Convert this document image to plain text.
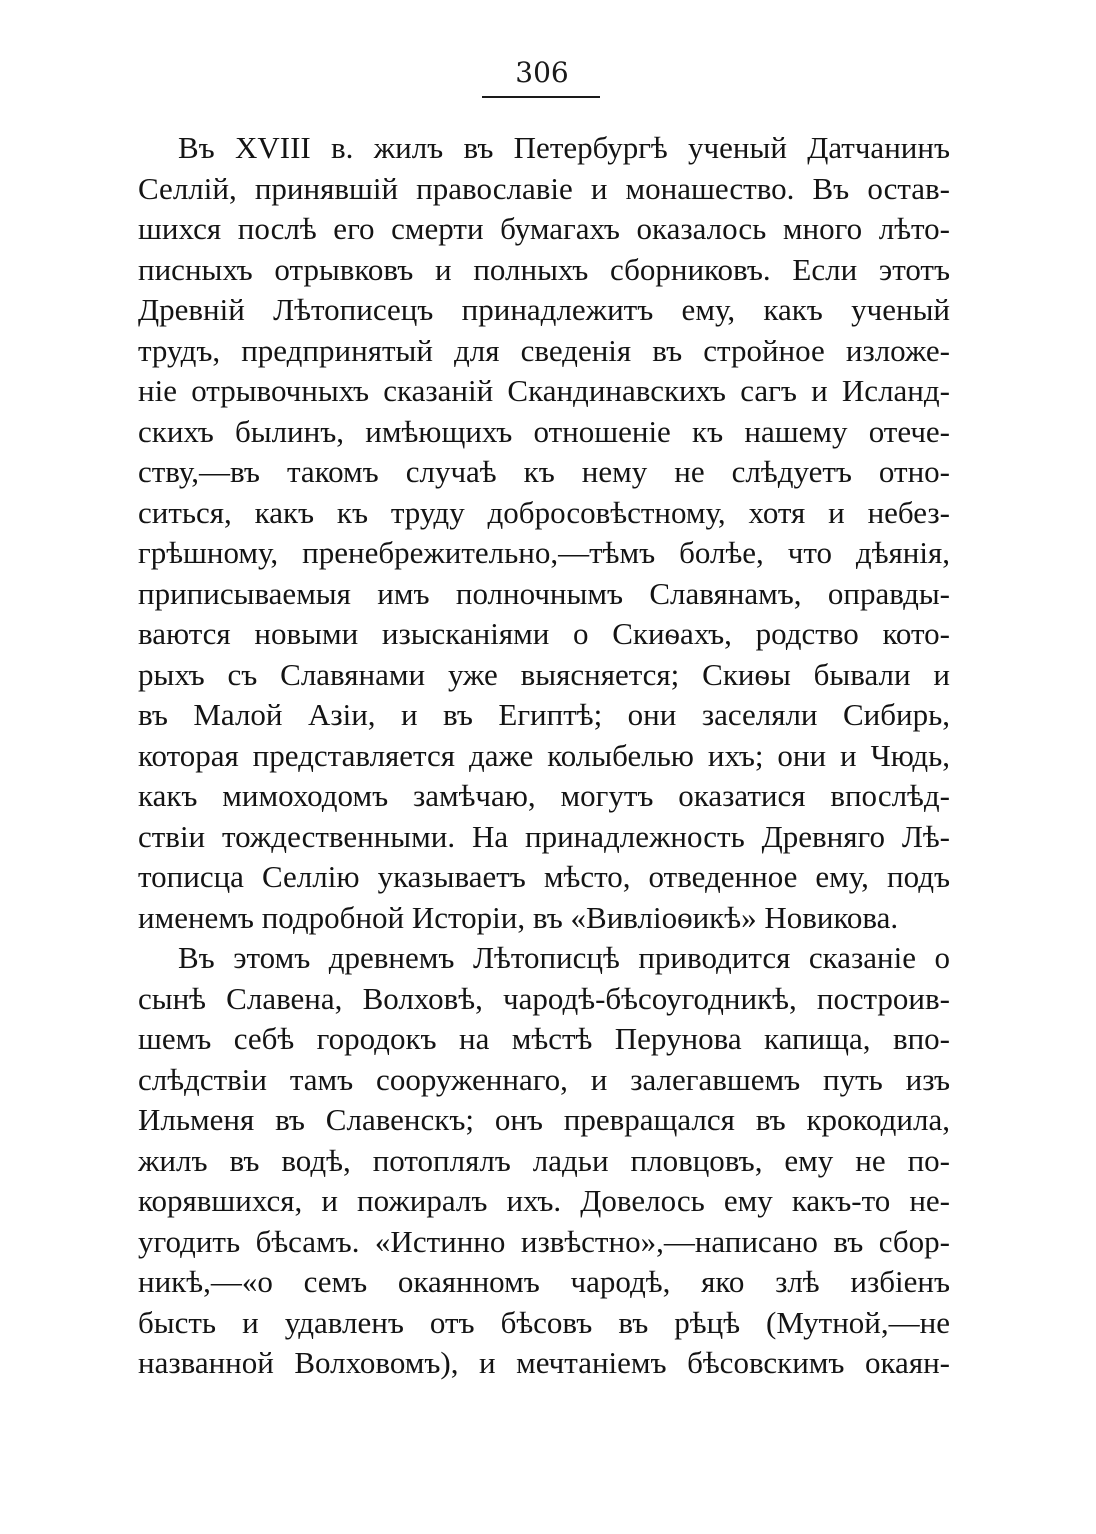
306
Въ XVIII в. жилъ въ Петербургѣ ученый Датчанинъ
Селлій, принявшій православіе и монашество. Въ остав-
шихся послѣ его смерти бумагахъ оказалось много лѣто-
писныхъ отрывковъ и полныхъ сборниковъ. Если этотъ
Древній Лѣтописецъ принадлежитъ ему, какъ ученый
трудъ, предпринятый для сведенія въ стройное изложе-
ніе отрывочныхъ сказаній Скандинавскихъ сагъ и Исланд-
скихъ былинъ, имѣющихъ отношеніе къ нашему отече-
ству,—въ такомъ случаѣ къ нему не слѣдуетъ отно-
ситься, какъ къ труду добросовѣстному, хотя и небез-
грѣшному, пренебрежительно,—тѣмъ болѣе, что дѣянія,
приписываемыя имъ полночнымъ Славянамъ, оправды-
ваются новыми изысканіями о Скиѳахъ, родство кото-
рыхъ съ Славянами уже выясняется; Скиѳы бывали и
въ Малой Азіи, и въ Египтѣ; они заселяли Сибирь,
которая представляется даже колыбелью ихъ; они и Чюдь,
какъ мимоходомъ замѣчаю, могутъ оказатися впослѣд-
ствіи тождественными. На принадлежность Древняго Лѣ-
тописца Селлію указываетъ мѣсто, отведенное ему, подъ
именемъ подробной Исторіи, въ «Вивліоѳикѣ» Новикова.
Въ этомъ древнемъ Лѣтописцѣ приводится сказаніе о
сынѣ Славена, Волховѣ, чародѣ-бѣсоугодникѣ, построив-
шемъ себѣ городокъ на мѣстѣ Перунова капища, впо-
слѣдствіи тамъ сооруженнаго, и залегавшемъ путь изъ
Ильменя въ Славенскъ; онъ превращался въ крокодила,
жилъ въ водѣ, потоплялъ ладьи пловцовъ, ему не по-
корявшихся, и пожиралъ ихъ. Довелось ему какъ-то не-
угодить бѣсамъ. «Истинно извѣстно»,—написано въ сбор-
никѣ,—«о семъ окаянномъ чародѣ, яко злѣ избіенъ
бысть и удавленъ отъ бѣсовъ въ рѣцѣ (Мутной,—не
названной Волховомъ), и мечтаніемъ бѣсовскимъ окаян-
